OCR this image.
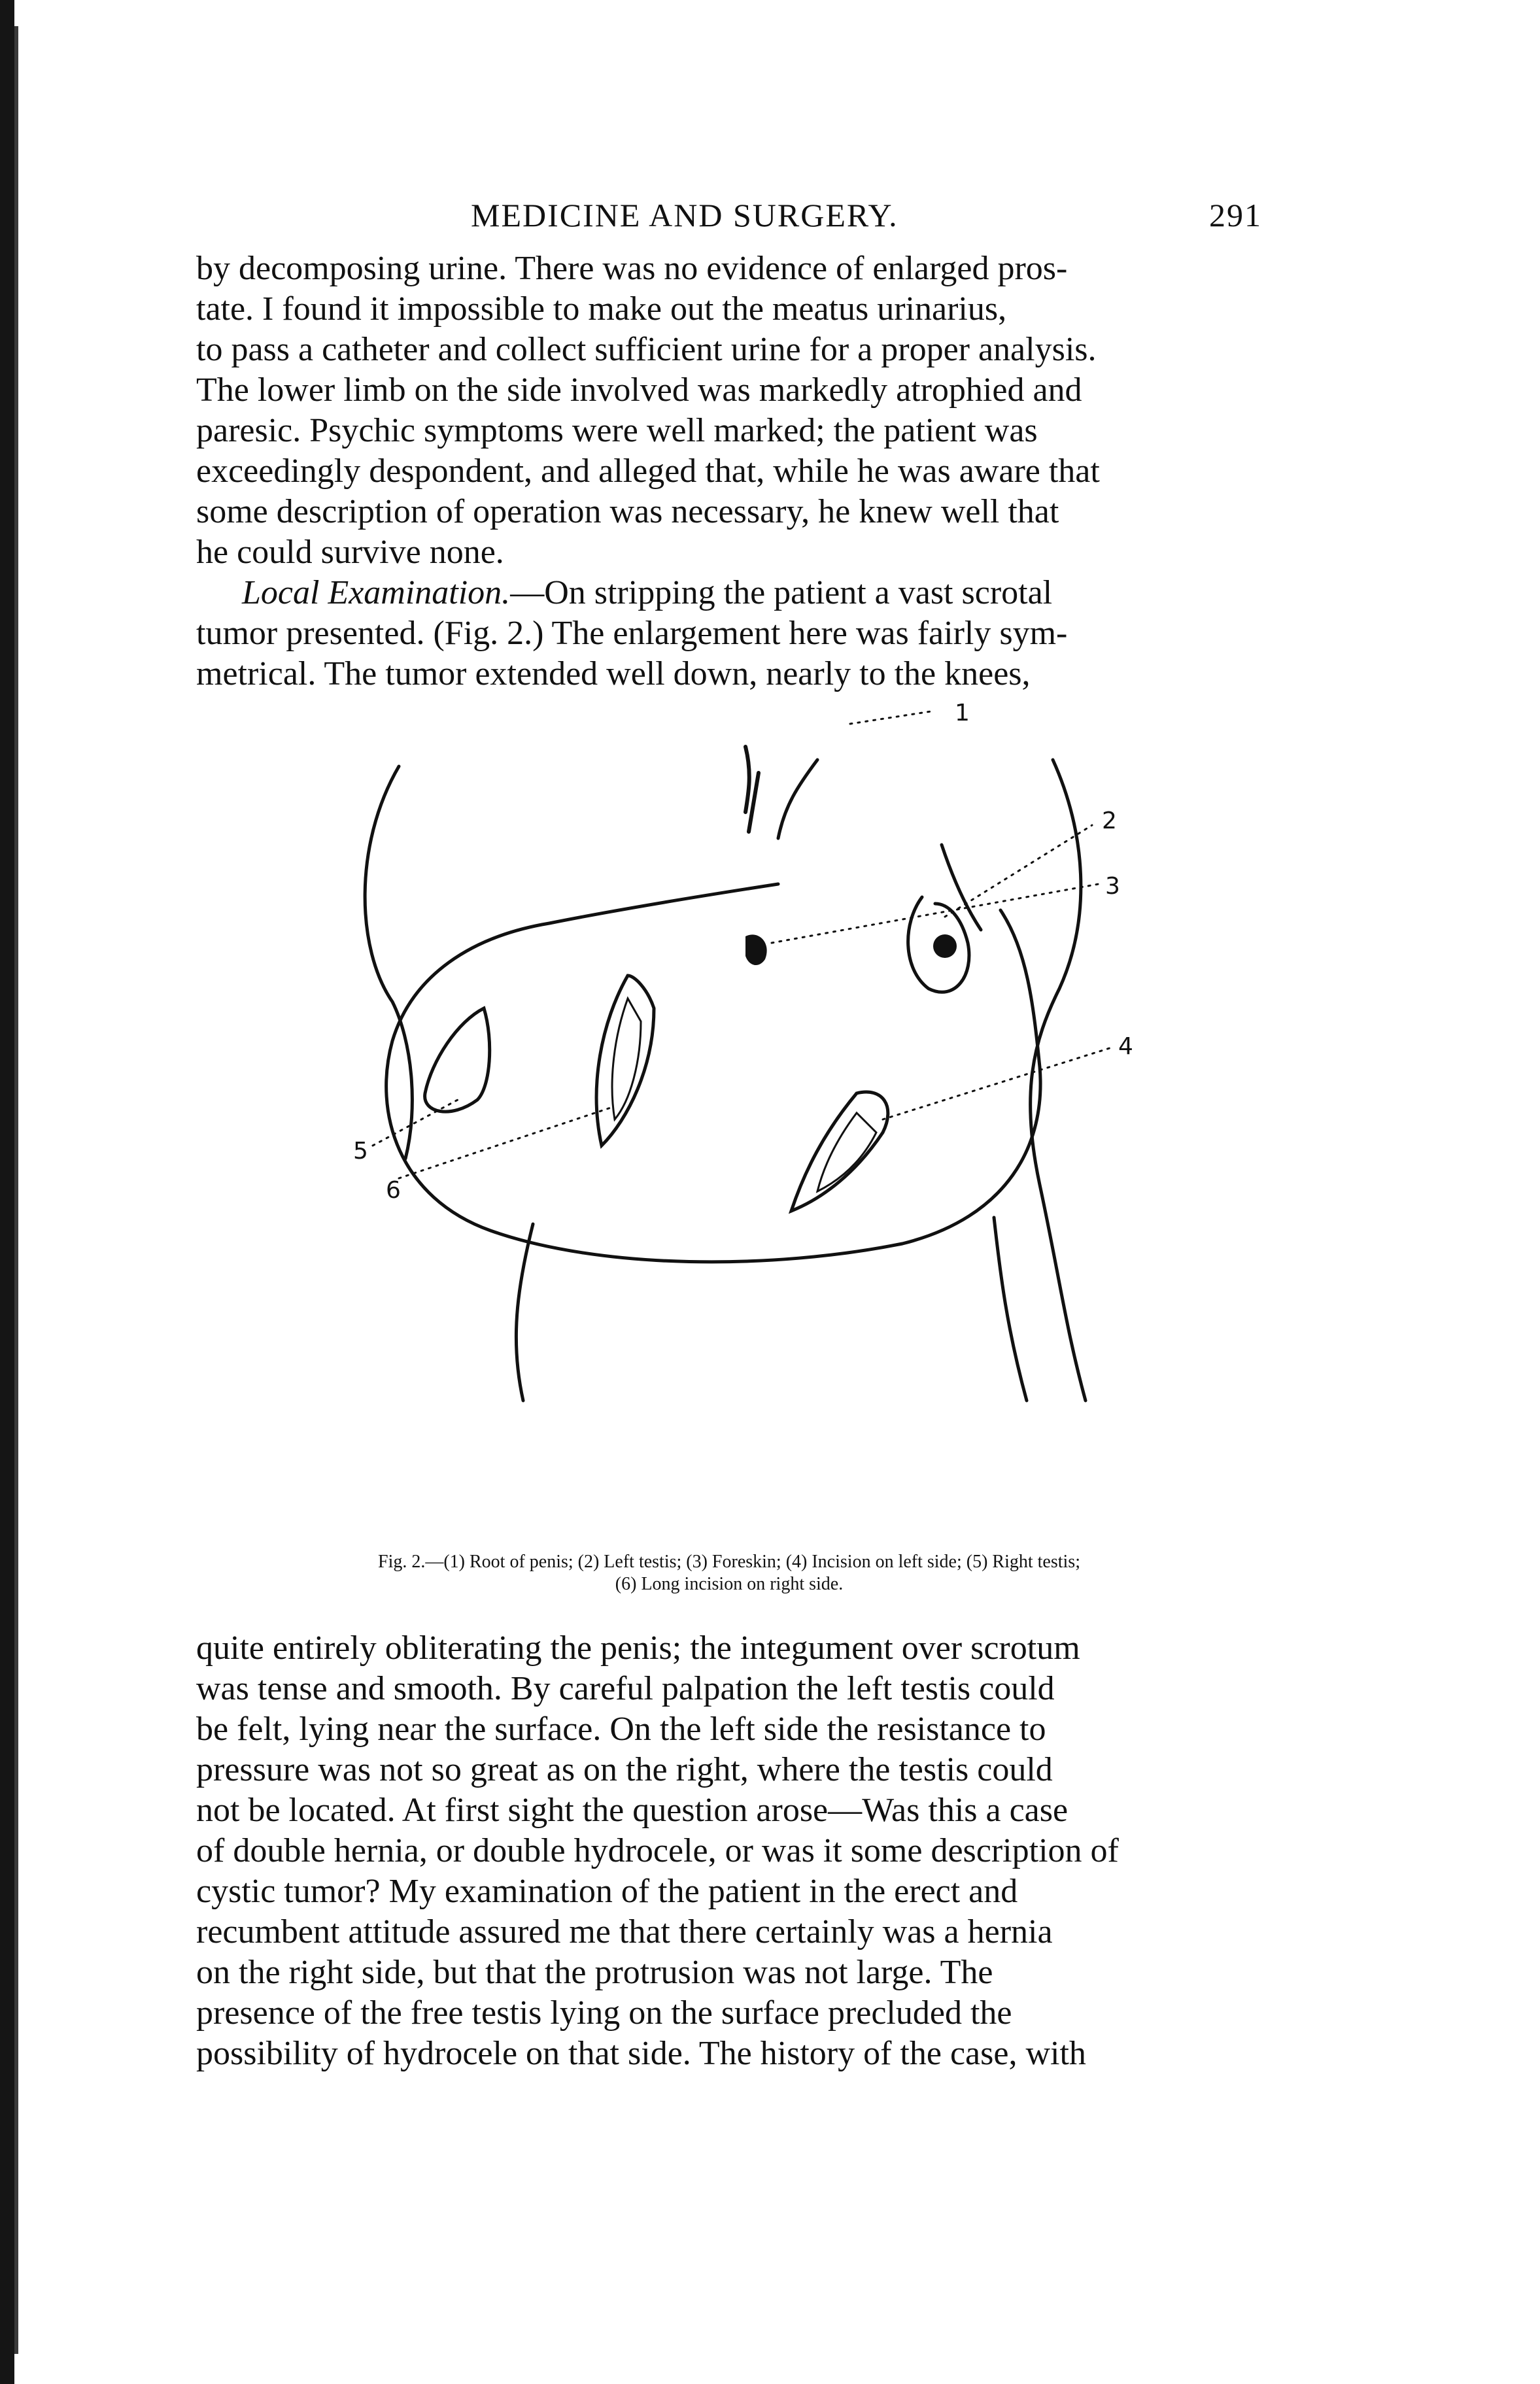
MEDICINE AND SURGERY.	291

by decomposing urine. There was no evidence of enlarged pros-
tate. I found it impossible to make out the meatus urinarius,
to pass a catheter and collect sufficient urine for a proper analysis.
The lower limb on the side involved was markedly atrophied and
paresic. Psychic symptoms were well marked; the patient was
exceedingly despondent, and alleged that, while he was aware that
some description of operation was necessary, he knew well that
he could survive none.

Local Examination.—On stripping the patient a vast scrotal
tumor presented. (Fig. 2.) The enlargement here was fairly sym-
metrical. The tumor extended well down, nearly to the knees,

1
2
3
4
5
6
Fig. 2.—(1) Root of penis; (2) Left testis; (3) Foreskin; (4) Incision on left side; (5) Right testis;
(6) Long incision on right side.

quite entirely obliterating the penis; the integument over scrotum
was tense and smooth. By careful palpation the left testis could
be felt, lying near the surface. On the left side the resistance to
pressure was not so great as on the right, where the testis could
not be located. At first sight the question arose—Was this a case
of double hernia, or double hydrocele, or was it some description of
cystic tumor? My examination of the patient in the erect and
recumbent attitude assured me that there certainly was a hernia
on the right side, but that the protrusion was not large. The
presence of the free testis lying on the surface precluded the
possibility of hydrocele on that side. The history of the case, with
